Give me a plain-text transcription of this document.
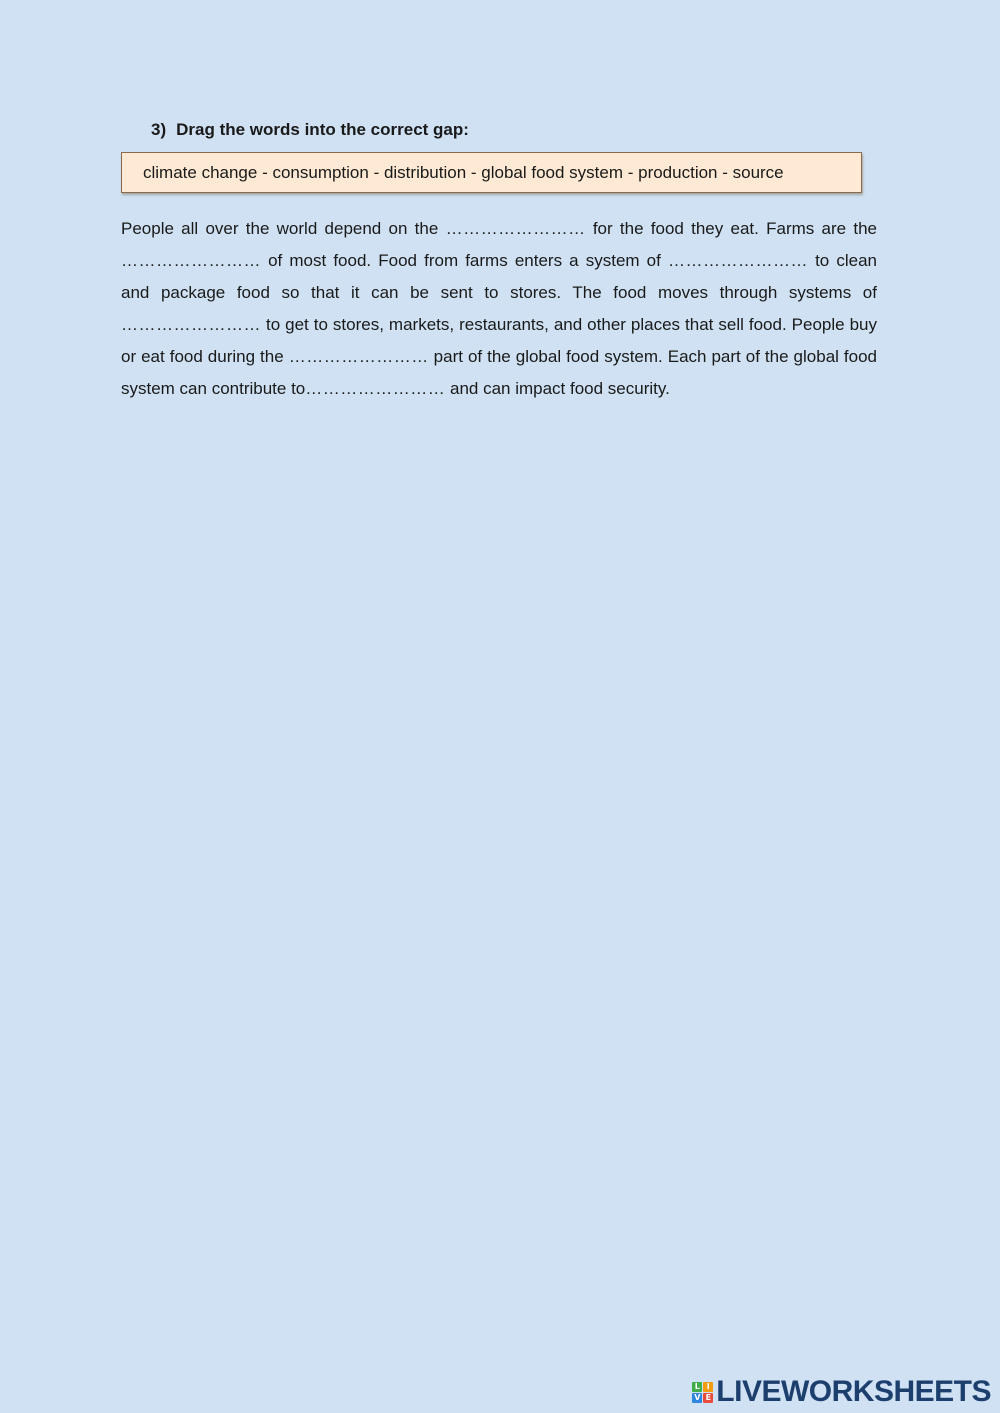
3) Drag the words into the correct gap:
climate change - consumption - distribution - global food system - production - source

People all over the world depend on the …………………… for the food they eat. Farms are the …………………… of most food. Food from farms enters a system of …………………… to clean and package food so that it can be sent to stores. The food moves through systems of …………………… to get to stores, markets, restaurants, and other places that sell food. People buy or eat food during the …………………… part of the global food system. Each part of the global food system can contribute to…………………… and can impact food security.

L I
V E LIVEWORKSHEETS
